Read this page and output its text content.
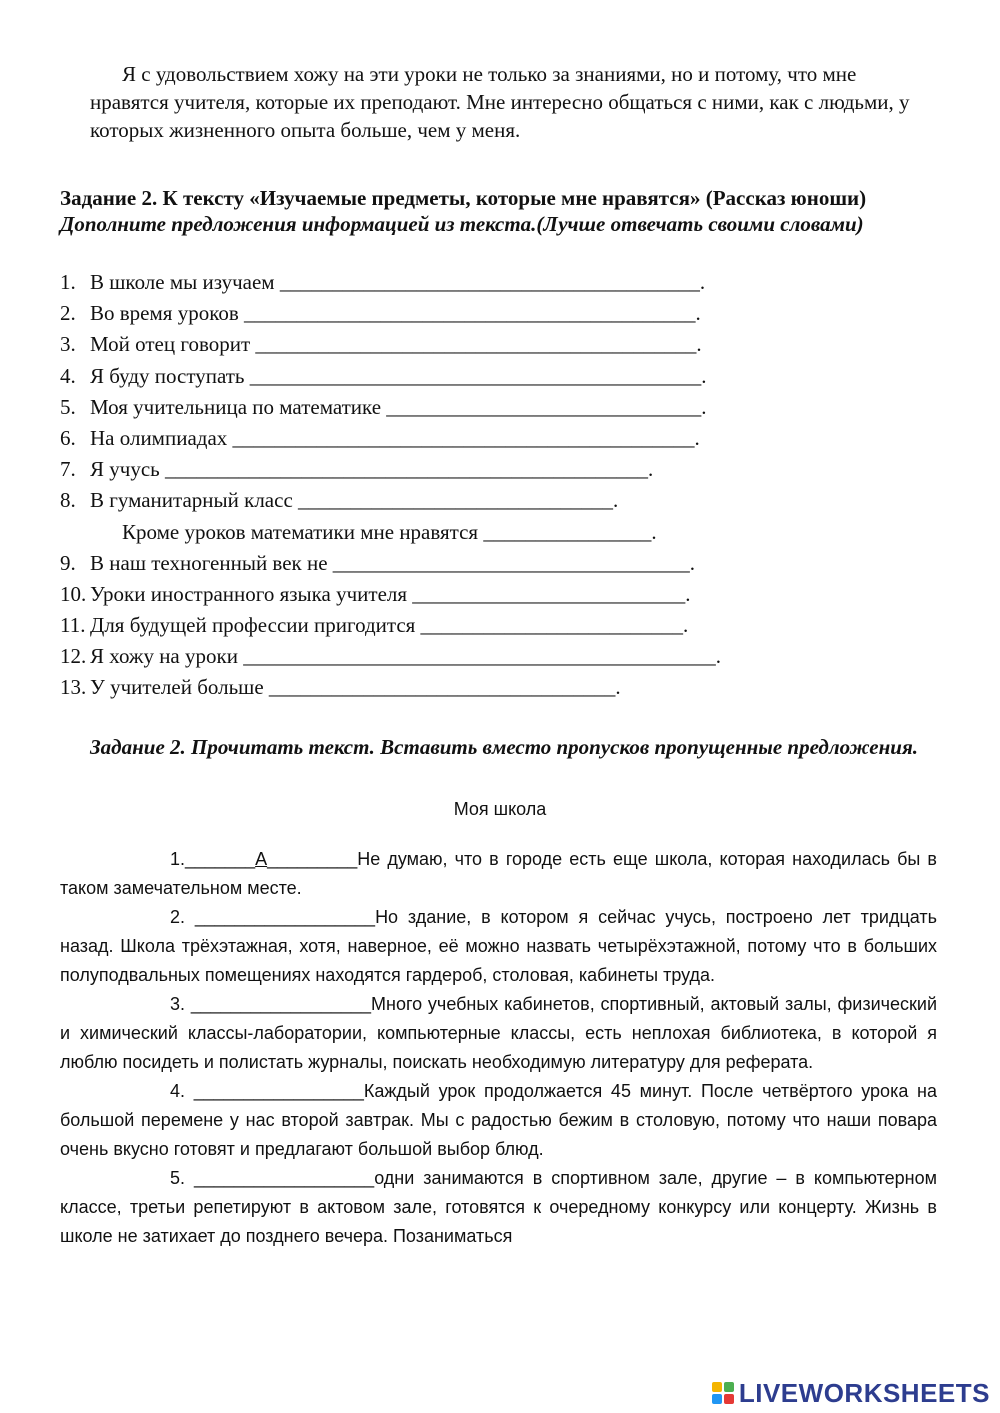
Я с удовольствием хожу на эти уроки не только за знаниями, но и потому, что мне нравятся учителя, которые их преподают. Мне интересно общаться с ними, как с людьми, у которых жизненного опыта больше, чем у меня.

Задание 2. К тексту «Изучаемые предметы, которые мне нравятся» (Рассказ юноши) Дополните предложения информацией из текста.(Лучше отвечать своими словами)

1. В школе мы изучаем ________________________________________.
2. Во время уроков ___________________________________________.
3. Мой отец говорит __________________________________________.
4. Я буду поступать ___________________________________________.
5. Моя учительница по математике ______________________________.
6. На олимпиадах ____________________________________________.
7. Я учусь ______________________________________________.
8. В гуманитарный класс ______________________________.
Кроме уроков математики мне нравятся ________________.
9. В наш техногенный век не __________________________________.
10. Уроки иностранного языка учителя __________________________.
11. Для будущей профессии пригодится _________________________.
12. Я хожу на уроки _____________________________________________.
13. У учителей больше _________________________________.

Задание 2. Прочитать текст. Вставить вместо пропусков пропущенные предложения.

Моя школа

1._______A_________Не думаю, что в городе есть еще школа, которая находилась бы в таком замечательном месте.

2. __________________Но здание, в котором я сейчас учусь, построено лет тридцать назад. Школа трёхэтажная, хотя, наверное, её можно назвать четырёхэтажной, потому что в больших полуподвальных помещениях находятся гардероб, столовая, кабинеты труда.

3. __________________Много учебных кабинетов, спортивный, актовый залы, физический и химический классы-лаборатории, компьютерные классы, есть неплохая библиотека, в которой я люблю посидеть и полистать журналы, поискать необходимую литературу для реферата.

4. _________________Каждый урок продолжается 45 минут. После четвёртого урока на большой перемене у нас второй завтрак. Мы с радостью бежим в столовую, потому что наши повара очень вкусно готовят и предлагают большой выбор блюд.

5. __________________одни занимаются в спортивном зале, другие – в компьютерном классе, третьи репетируют в актовом зале, готовятся к очередному конкурсу или концерту. Жизнь в школе не затихает до позднего вечера. Позаниматься

LIVEWORKSHEETS
